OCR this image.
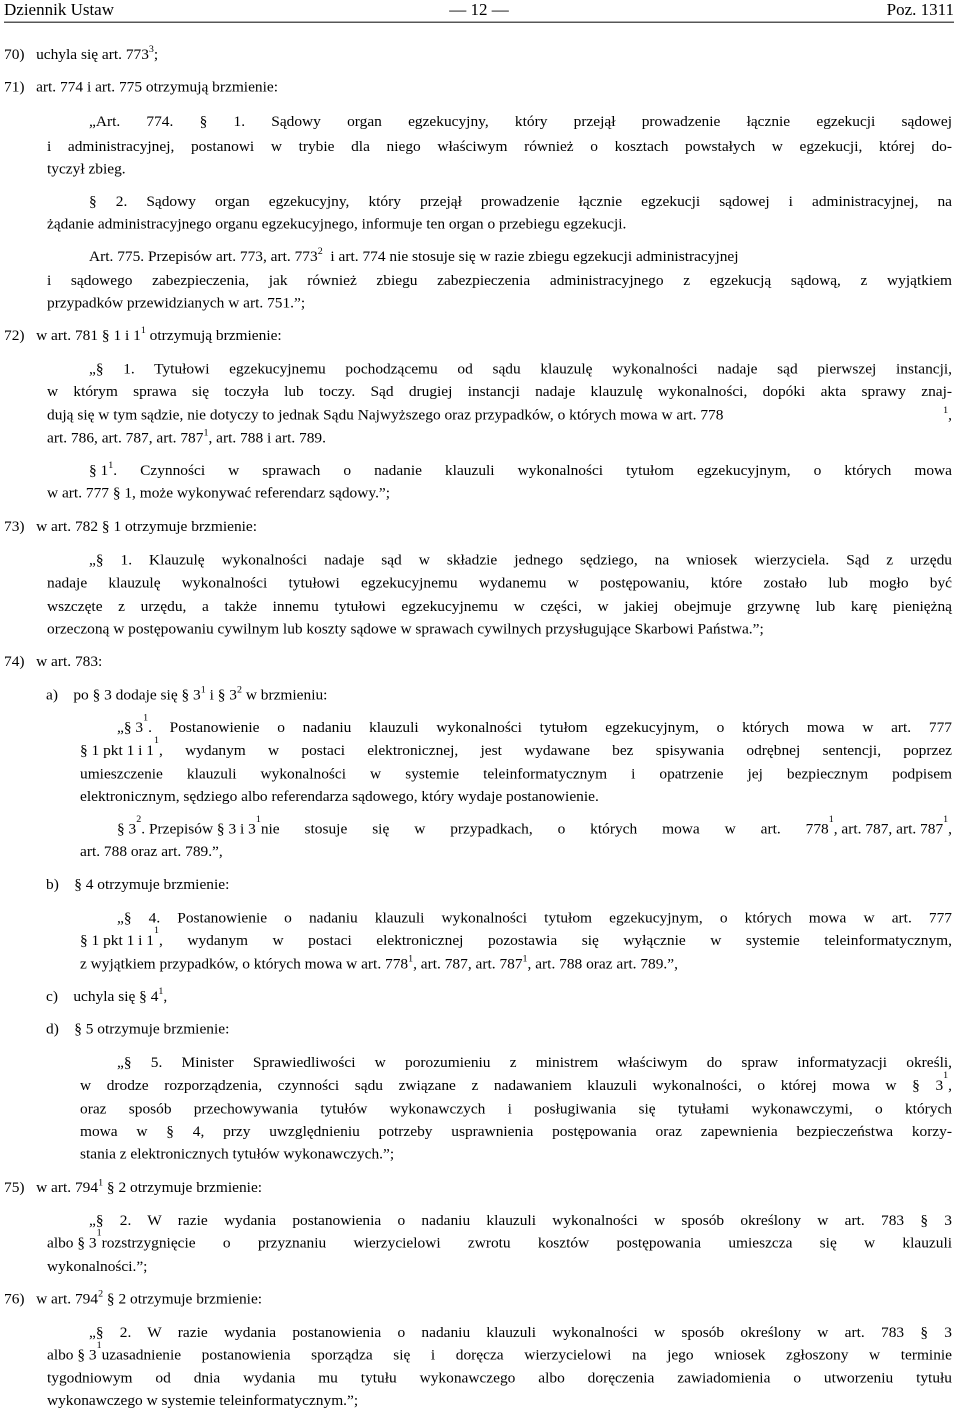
Dziennik Ustaw	— 12 —	Poz. 1311
70) uchyla się art. $773^3$;
71) art. 774 i art. 775 otrzymują brzmienie:
„Art. 774. § 1. Sądowy organ egzekucyjny, który przejął prowadzenie łącznie egzekucji sądowej
i administracyjnej, postanowi w trybie dla niego właściwym również o kosztach powstałych w egzekucji, której do-
tyczył zbieg.
§ 2. Sądowy organ egzekucyjny, który przejął prowadzenie łącznie egzekucji sądowej i administracyjnej, na
żądanie administracyjnego organu egzekucyjnego, informuje ten organ o przebiegu egzekucji.
Art. 775. Przepisów art. 773, art. $773^2$ i art. 774 nie stosuje się w razie zbiegu egzekucji administracyjnej
i sądowego zabezpieczenia, jak również zbiegu zabezpieczenia administracyjnego z egzekucją sądową, z wyjątkiem
przypadków przewidzianych w art. 751.”;
72) w art. 781 § 1 i $1^1$ otrzymują brzmienie:
„§ 1. Tytułowi egzekucyjnemu pochodzącemu od sądu klauzulę wykonalności nadaje sąd pierwszej instancji,
w którym sprawa się toczyła lub toczy. Sąd drugiej instancji nadaje klauzulę wykonalności, dopóki akta sprawy znaj-
dują się w tym sądzie, nie dotyczy to jednak Sądu Najwyższego oraz przypadków, o których mowa w art. 778	$^1$,
art. 786, art. 787, art. $787^1$, art. 788 i art. 789.
§ $1^1$ . Czynności w sprawach o nadanie klauzuli wykonalności tytułom egzekucyjnym, o których mowa
w art. 777 § 1, może wykonywać referendarz sądowy.”;
73) w art. 782 § 1 otrzymuje brzmienie:
„§ 1. Klauzulę wykonalności nadaje sąd w składzie jednego sędziego, na wniosek wierzyciela. Sąd z urzędu
nadaje klauzulę wykonalności tytułowi egzekucyjnemu wydanemu w postępowaniu, które zostało lub mogło być
wszczęte z urzędu, a także innemu tytułowi egzekucyjnemu w części, w jakiej obejmuje grzywnę lub karę pieniężną
orzeczoną w postępowaniu cywilnym lub koszty sądowe w sprawach cywilnych przysługujące Skarbowi Państwa.”;
74) w art. 783:
a) po § 3 dodaje się § $3^1$ i § $3^2$ w brzmieniu:
„§ 3
$^1$
. Postanowienie o nadaniu klauzuli wykonalności tytułom egzekucyjnym, o których mowa w art. 777
§ 1 pkt 1 i 1
$^1$
, wydanym w postaci elektronicznej, jest wydawane bez spisywania odrębnej sentencji, poprzez
umieszczenie klauzuli wykonalności w systemie teleinformatycznym i opatrzenie jej bezpiecznym podpisem
elektronicznym, sędziego albo referendarza sądowego, który wydaje postanowienie.
§ 3
$^2$
. Przepisów § 3 i 3
$^1$
nie stosuje się w przypadkach, o których mowa w art. 778
$^1$
, art. 787, art. 787
$^1$
,
art. 788 oraz art. 789.”,
b) § 4 otrzymuje brzmienie:
„§ 4. Postanowienie o nadaniu klauzuli wykonalności tytułom egzekucyjnym, o których mowa w art. 777
§ 1 pkt 1 i 1
$^1$
, wydanym w postaci elektronicznej pozostawia się wyłącznie w systemie teleinformatycznym,
z wyjątkiem przypadków, o których mowa w art. $778^1$, art. 787, art. $787^1$, art. 788 oraz art. 789.”,
c) uchyla się § $4^1$,
d) § 5 otrzymuje brzmienie:
„§ 5. Minister Sprawiedliwości w porozumieniu z ministrem właściwym do spraw informatyzacji określi,
w drodze rozporządzenia, czynności sądu związane z nadawaniem klauzuli wykonalności, o której mowa w § 3
$^1$
,
oraz sposób przechowywania tytułów wykonawczych i posługiwania się tytułami wykonawczymi, o których
mowa w § 4, przy uwzględnieniu potrzeby usprawnienia postępowania oraz zapewnienia bezpieczeństwa korzy-
stania z elektronicznych tytułów wykonawczych.”;
75) w art. $794^1$ § 2 otrzymuje brzmienie:
„§ 2. W razie wydania postanowienia o nadaniu klauzuli wykonalności w sposób określony w art. 783 § 3
albo § 3
$^1$
rozstrzygnięcie o przyznaniu wierzycielowi zwrotu kosztów postępowania umieszcza się w klauzuli
wykonalności.”;
76) w art. $794^2$ § 2 otrzymuje brzmienie:
„§ 2. W razie wydania postanowienia o nadaniu klauzuli wykonalności w sposób określony w art. 783 § 3
albo § 3
$^1$
uzasadnienie postanowienia sporządza się i doręcza wierzycielowi na jego wniosek zgłoszony w terminie
tygodniowym od dnia wydania mu tytułu wykonawczego albo doręczenia zawiadomienia o utworzeniu tytułu
wykonawczego w systemie teleinformatycznym.”;
